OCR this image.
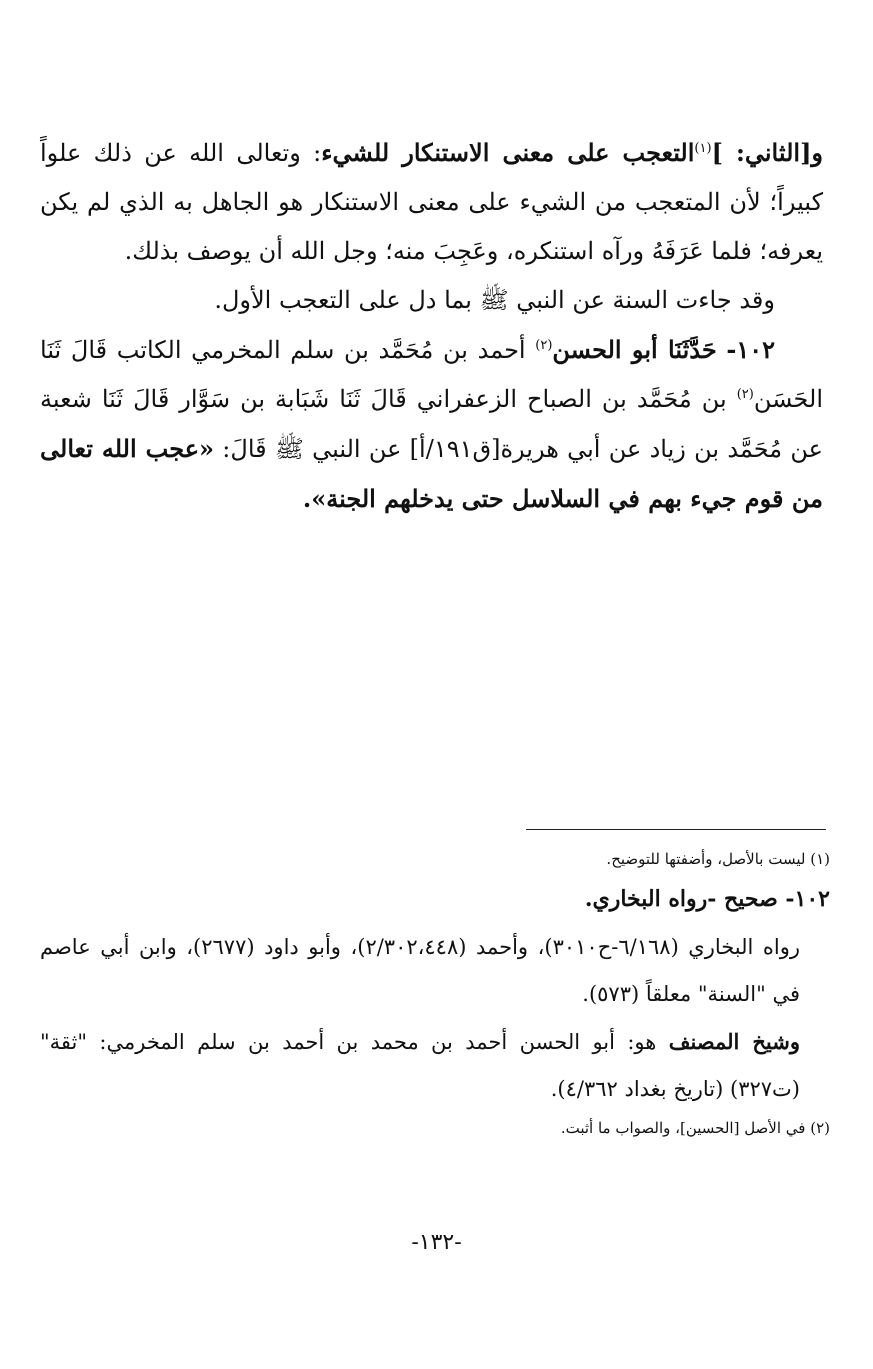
و[الثاني: ]$^{(١)}$التعجب على معنى الاستنكار للشيء: وتعالى الله عن ذلك علواً كبيراً؛ لأن المتعجب من الشيء على معنى الاستنكار هو الجاهل به الذي لم يكن يعرفه؛ فلما عَرَفَهُ ورآه استنكره، وعَجِبَ منه؛ وجل الله أن يوصف بذلك.

وقد جاءت السنة عن النبي ﷺ بما دل على التعجب الأول.

١٠٢- حَدَّثَنَا أبو الحسن$^{(٢)}$ أحمد بن مُحَمَّد بن سلم المخرمي الكاتب قَالَ ثَنَا الحَسَن$^{(٢)}$ بن مُحَمَّد بن الصباح الزعفراني قَالَ ثَنَا شَبَابة بن سَوَّار قَالَ ثَنَا شعبة عن مُحَمَّد بن زياد عن أبي هريرة[ق١٩١/أ] عن النبي ﷺ قَالَ: «عجب الله تعالى من قوم جيء بهم في السلاسل حتى يدخلهم الجنة».

(١) ليست بالأصل، وأضفتها للتوضيح.

١٠٢- صحيح -رواه البخاري.

رواه البخاري (٦/١٦٨-ح٣٠١٠)، وأحمد (٢/٣٠٢،٤٤٨)، وأبو داود (٢٦٧٧)، وابن أبي عاصم في "السنة" معلقاً (٥٧٣).

وشيخ المصنف هو: أبو الحسن أحمد بن محمد بن أحمد بن سلم المخرمي: "ثقة" (ت٣٢٧) (تاريخ بغداد ٤/٣٦٢).

(٢) في الأصل [الحسين]، والصواب ما أثبت.

-١٣٢-
